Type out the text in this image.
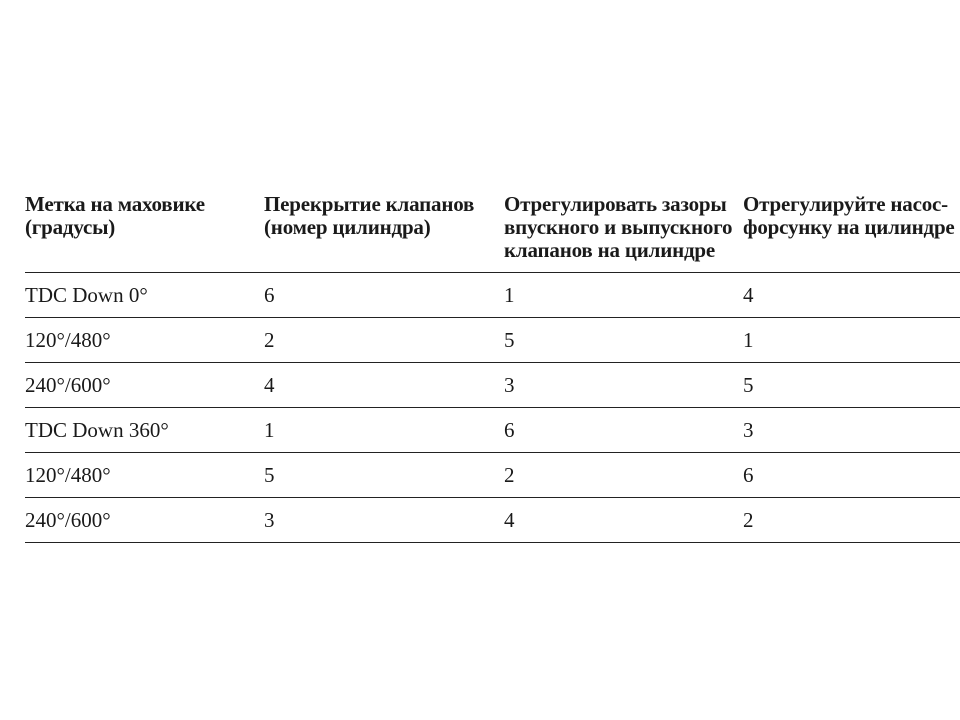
Метка на маховике (градусы)	Перекрытие клапанов (номер цилиндра)	Отрегулировать зазоры впускного и выпускного клапанов на цилиндре	Отрегулируйте насос-форсунку на цилиндре
TDC Down 0°	6	1	4
120°/480°	2	5	1
240°/600°	4	3	5
TDC Down 360°	1	6	3
120°/480°	5	2	6
240°/600°	3	4	2
